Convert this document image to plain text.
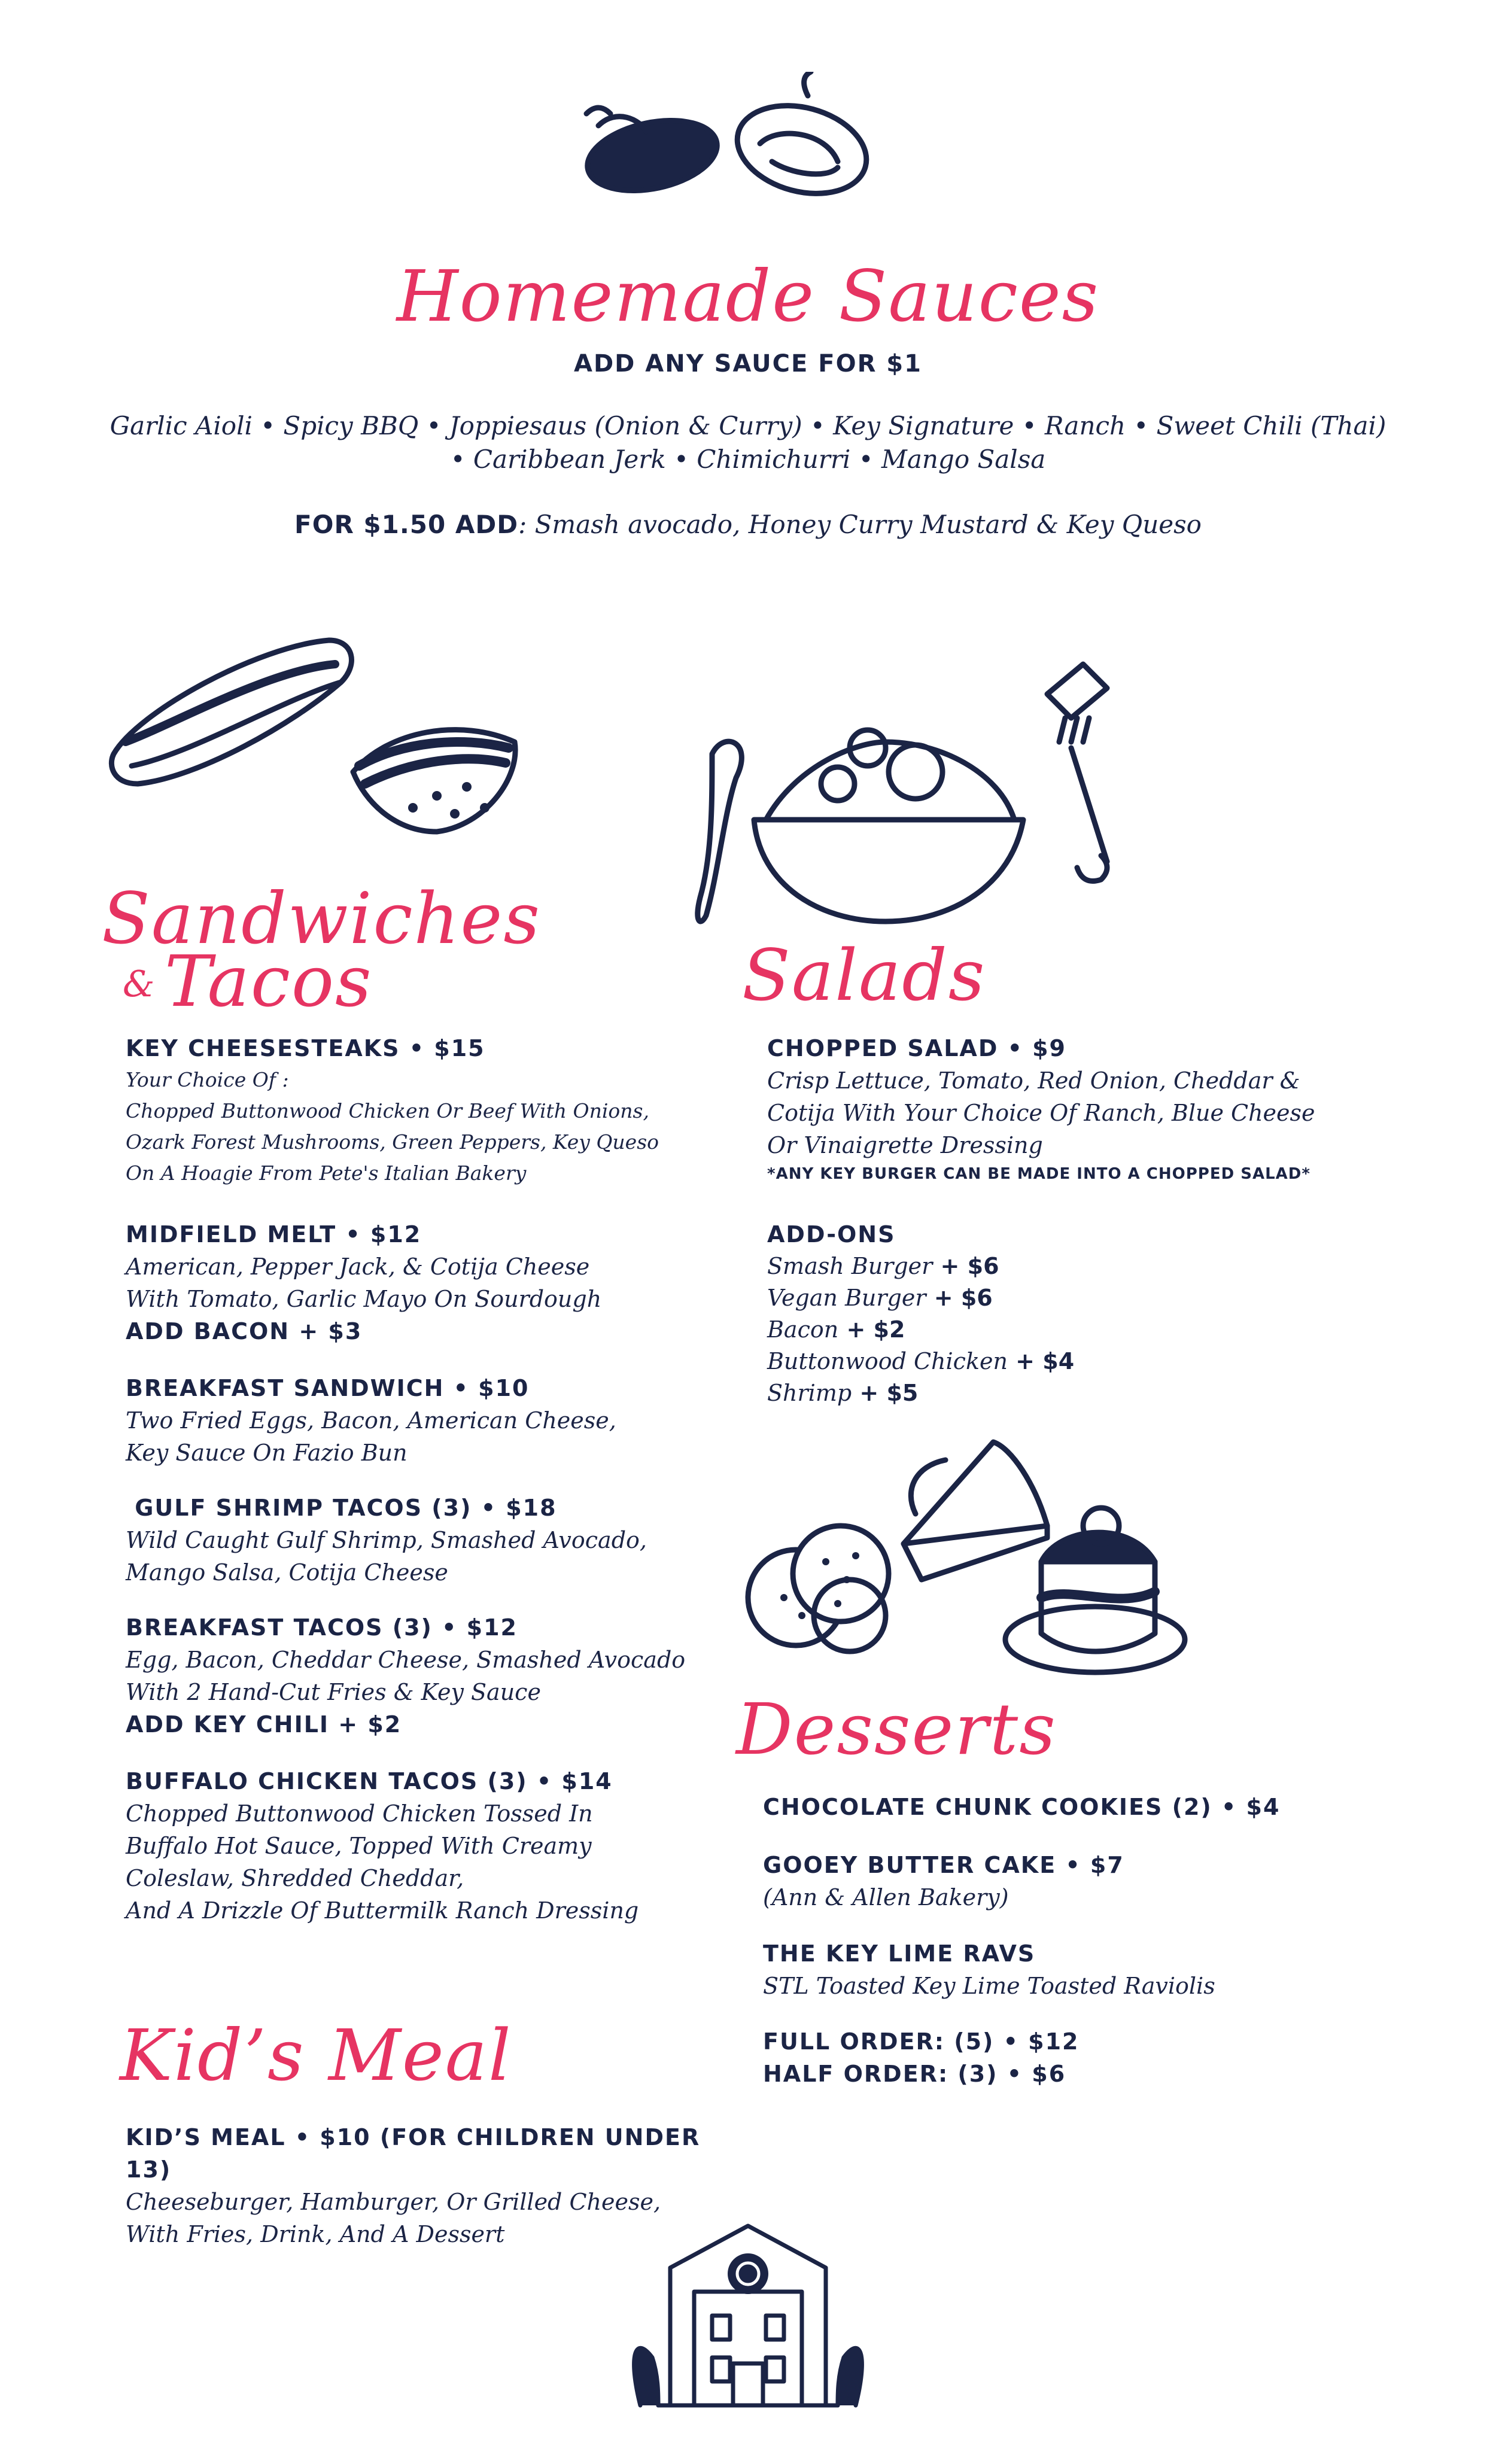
Homemade Sauces
ADD ANY SAUCE FOR $1
Garlic Aioli • Spicy BBQ • Joppiesaus (Onion & Curry) • Key Signature • Ranch • Sweet Chili (Thai)
• Caribbean Jerk • Chimichurri • Mango Salsa
FOR $1.50 ADD: Smash avocado, Honey Curry Mustard & Key Queso
Sandwiches
& Tacos
KEY CHEESESTEAKS • $15
Your Choice Of :
Chopped Buttonwood Chicken Or Beef With Onions,
Ozark Forest Mushrooms, Green Peppers, Key Queso
On A Hoagie From Pete's Italian Bakery
MIDFIELD MELT • $12
American, Pepper Jack, & Cotija Cheese
With Tomato, Garlic Mayo On Sourdough
ADD BACON + $3
BREAKFAST SANDWICH • $10
Two Fried Eggs, Bacon, American Cheese,
Key Sauce On Fazio Bun
GULF SHRIMP TACOS (3) • $18
Wild Caught Gulf Shrimp, Smashed Avocado,
Mango Salsa, Cotija Cheese
BREAKFAST TACOS (3) • $12
Egg, Bacon, Cheddar Cheese, Smashed Avocado
With 2 Hand-Cut Fries & Key Sauce
ADD KEY CHILI + $2
BUFFALO CHICKEN TACOS (3) • $14
Chopped Buttonwood Chicken Tossed In
Buffalo Hot Sauce, Topped With Creamy
Coleslaw, Shredded Cheddar,
And A Drizzle Of Buttermilk Ranch Dressing
Kid’s Meal
KID’S MEAL • $10 (FOR CHILDREN UNDER 13)
Cheeseburger, Hamburger, Or Grilled Cheese,
With Fries, Drink, And A Dessert
Salads
CHOPPED SALAD • $9
Crisp Lettuce, Tomato, Red Onion, Cheddar &
Cotija With Your Choice Of Ranch, Blue Cheese
Or Vinaigrette Dressing
*ANY KEY BURGER CAN BE MADE INTO A CHOPPED SALAD*
ADD-ONS
Smash Burger + $6
Vegan Burger + $6
Bacon + $2
Buttonwood Chicken + $4
Shrimp + $5
Desserts
CHOCOLATE CHUNK COOKIES (2) • $4
GOOEY BUTTER CAKE • $7
(Ann & Allen Bakery)
THE KEY LIME RAVS
STL Toasted Key Lime Toasted Raviolis
FULL ORDER: (5) • $12
HALF ORDER: (3) • $6
